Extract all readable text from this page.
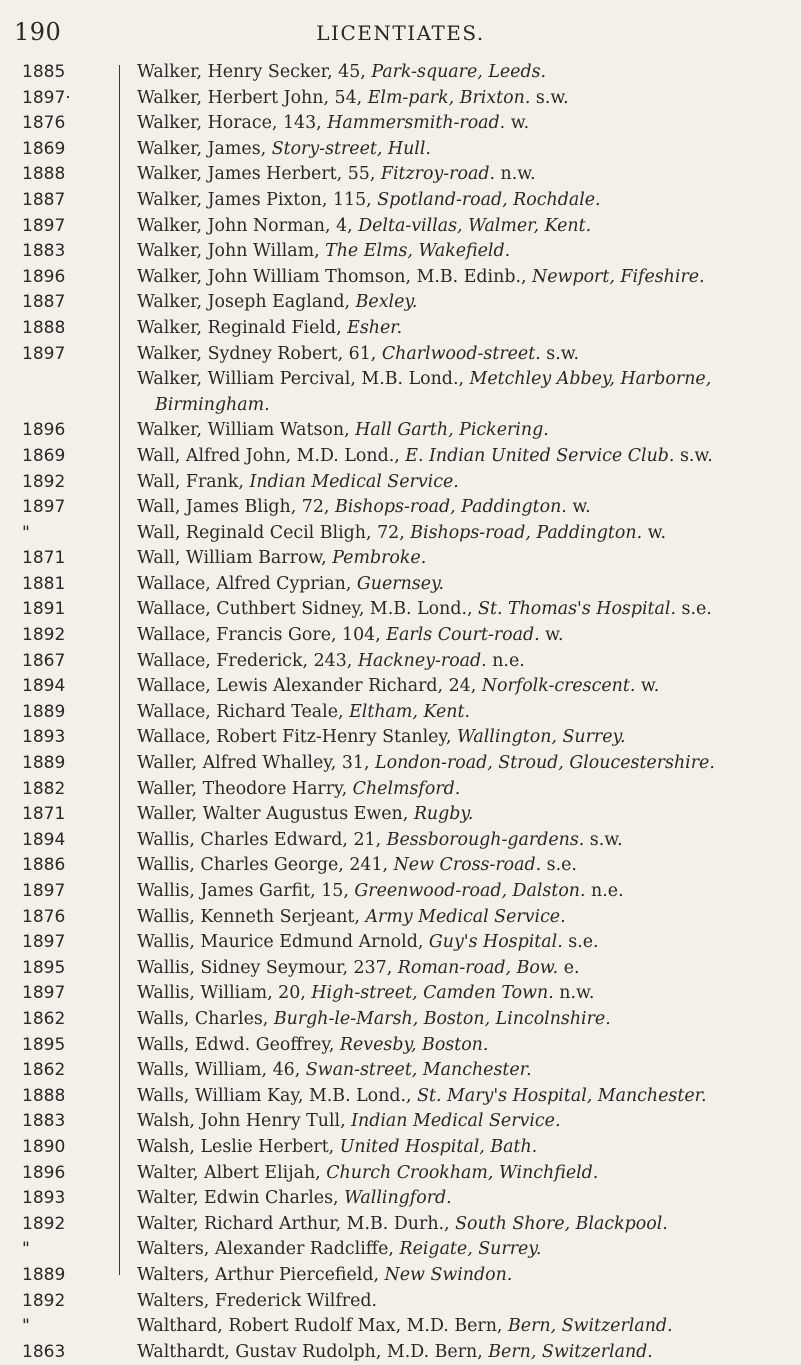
190	LICENTIATES.
1885	Walker, Henry Secker, 45, Park-square, Leeds.
1897·	Walker, Herbert John, 54, Elm-park, Brixton. s.w.
1876	Walker, Horace, 143, Hammersmith-road. w.
1869	Walker, James, Story-street, Hull.
1888	Walker, James Herbert, 55, Fitzroy-road. n.w.
1887	Walker, James Pixton, 115, Spotland-road, Rochdale.
1897	Walker, John Norman, 4, Delta-villas, Walmer, Kent.
1883	Walker, John Willam, The Elms, Wakefield.
1896	Walker, John William Thomson, M.B. Edinb., Newport, Fifeshire.
1887	Walker, Joseph Eagland, Bexley.
1888	Walker, Reginald Field, Esher.
1897	Walker, Sydney Robert, 61, Charlwood-street. s.w.
Walker, William Percival, M.B. Lond., Metchley Abbey, Harborne, Birmingham.
1896	Walker, William Watson, Hall Garth, Pickering.
1869	Wall, Alfred John, M.D. Lond., E. Indian United Service Club. s.w.
1892	Wall, Frank, Indian Medical Service.
1897	Wall, James Bligh, 72, Bishops-road, Paddington. w.
"	Wall, Reginald Cecil Bligh, 72, Bishops-road, Paddington. w.
1871	Wall, William Barrow, Pembroke.
1881	Wallace, Alfred Cyprian, Guernsey.
1891	Wallace, Cuthbert Sidney, M.B. Lond., St. Thomas's Hospital. s.e.
1892	Wallace, Francis Gore, 104, Earls Court-road. w.
1867	Wallace, Frederick, 243, Hackney-road. n.e.
1894	Wallace, Lewis Alexander Richard, 24, Norfolk-crescent. w.
1889	Wallace, Richard Teale, Eltham, Kent.
1893	Wallace, Robert Fitz-Henry Stanley, Wallington, Surrey.
1889	Waller, Alfred Whalley, 31, London-road, Stroud, Gloucestershire.
1882	Waller, Theodore Harry, Chelmsford.
1871	Waller, Walter Augustus Ewen, Rugby.
1894	Wallis, Charles Edward, 21, Bessborough-gardens. s.w.
1886	Wallis, Charles George, 241, New Cross-road. s.e.
1897	Wallis, James Garfit, 15, Greenwood-road, Dalston. n.e.
1876	Wallis, Kenneth Serjeant, Army Medical Service.
1897	Wallis, Maurice Edmund Arnold, Guy's Hospital. s.e.
1895	Wallis, Sidney Seymour, 237, Roman-road, Bow. e.
1897	Wallis, William, 20, High-street, Camden Town. n.w.
1862	Walls, Charles, Burgh-le-Marsh, Boston, Lincolnshire.
1895	Walls, Edwd. Geoffrey, Revesby, Boston.
1862	Walls, William, 46, Swan-street, Manchester.
1888	Walls, William Kay, M.B. Lond., St. Mary's Hospital, Manchester.
1883	Walsh, John Henry Tull, Indian Medical Service.
1890	Walsh, Leslie Herbert, United Hospital, Bath.
1896	Walter, Albert Elijah, Church Crookham, Winchfield.
1893	Walter, Edwin Charles, Wallingford.
1892	Walter, Richard Arthur, M.B. Durh., South Shore, Blackpool.
"	Walters, Alexander Radcliffe, Reigate, Surrey.
1889	Walters, Arthur Piercefield, New Swindon.
1892	Walters, Frederick Wilfred.
"	Walthard, Robert Rudolf Max, M.D. Bern, Bern, Switzerland.
1863	Walthardt, Gustav Rudolph, M.D. Bern, Bern, Switzerland.
